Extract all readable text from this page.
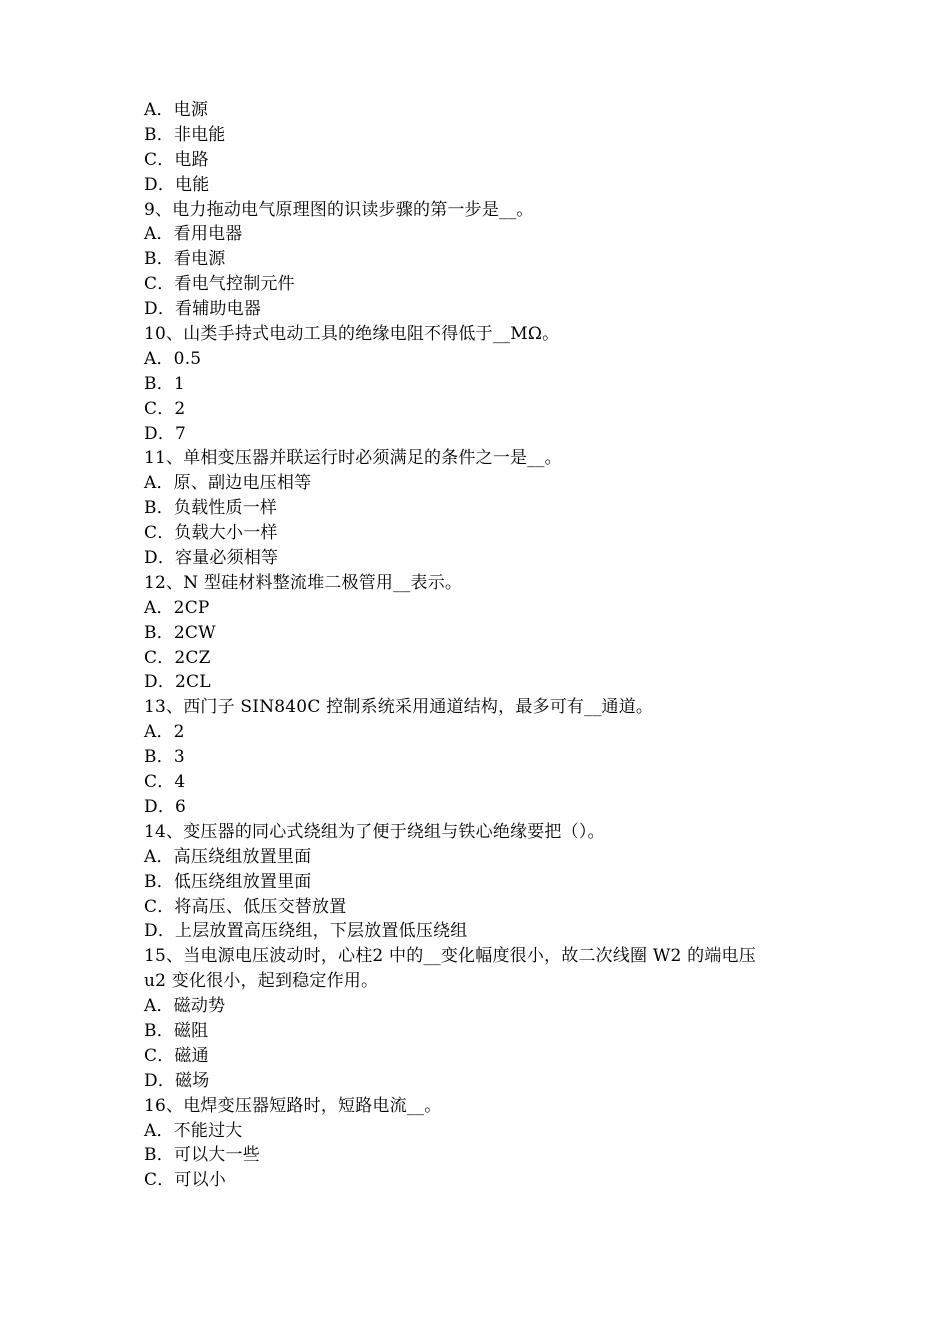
A．电源
B．非电能
C．电路
D．电能
9、电力拖动电气原理图的识读步骤的第一步是__。
A．看用电器
B．看电源
C．看电气控制元件
D．看辅助电器
10、山类手持式电动工具的绝缘电阻不得低于__MΩ。
A．0.5
B．1
C．2
D．7
11、单相变压器并联运行时必须满足的条件之一是__。
A．原、副边电压相等
B．负载性质一样
C．负载大小一样
D．容量必须相等
12、N 型硅材料整流堆二极管用__表示。
A．2CP
B．2CW
C．2CZ
D．2CL
13、西门子 SIN840C 控制系统采用通道结构，最多可有__通道。
A．2
B．3
C．4
D．6
14、变压器的同心式绕组为了便于绕组与铁心绝缘要把（）。
A．高压绕组放置里面
B．低压绕组放置里面
C．将高压、低压交替放置
D．上层放置高压绕组，下层放置低压绕组
15、当电源电压波动时，心柱2 中的__变化幅度很小，故二次线圈 W2 的端电压
u2 变化很小，起到稳定作用。
A．磁动势
B．磁阻
C．磁通
D．磁场
16、电焊变压器短路时，短路电流__。
A．不能过大
B．可以大一些
C．可以小
